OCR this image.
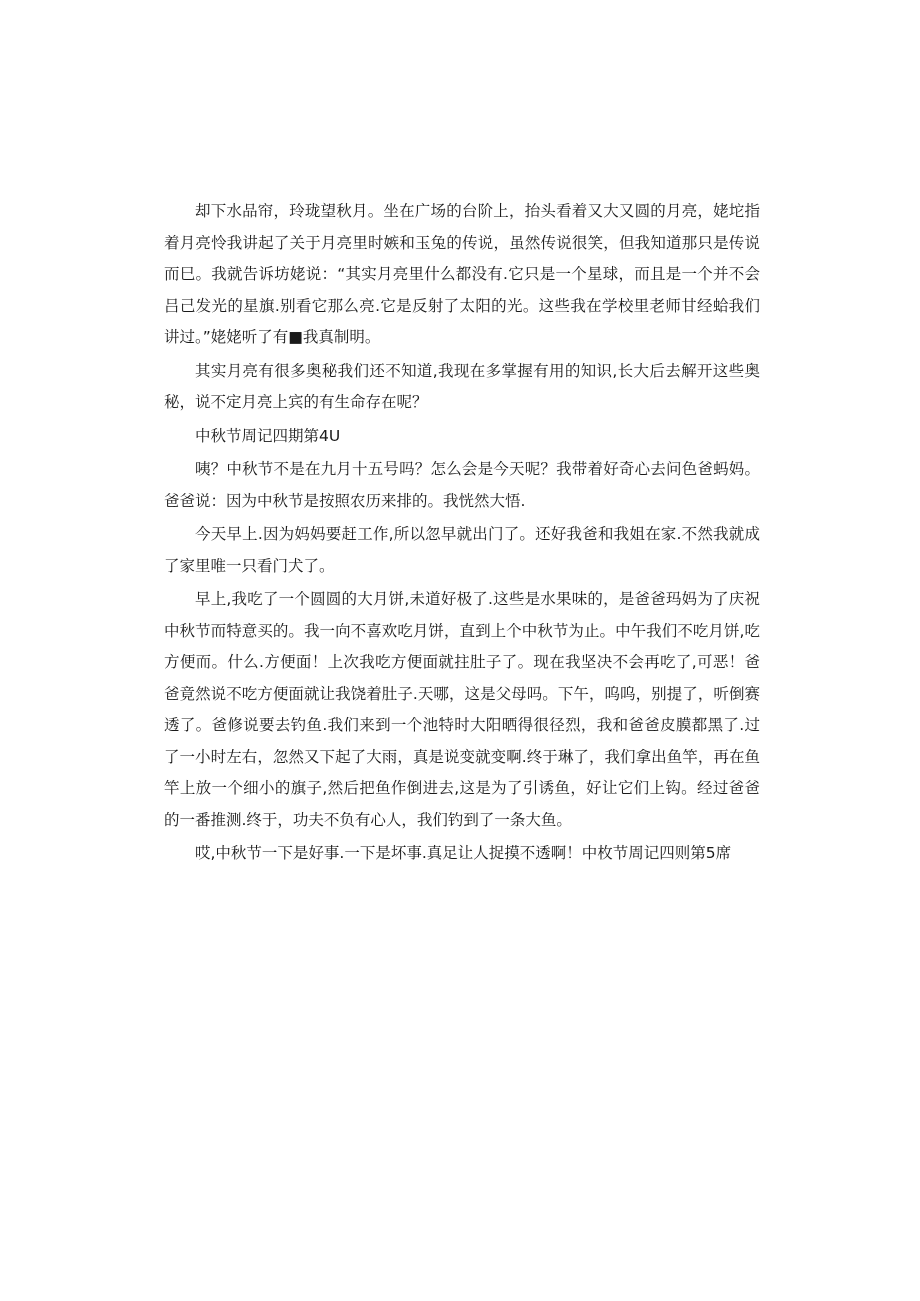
却下水品帘，玲珑望秋月。坐在广场的台阶上，抬头看着又大又圆的月亮，姥坨指着月亮怜我讲起了关于月亮里时嫉和玉兔的传说，虽然传说很笑，但我知道那只是传说而巳。我就告诉坊姥说：“其实月亮里什么都没有.它只是一个星球，而且是一个并不会吕己发光的星旗.别看它那么亮.它是反射了太阳的光。这些我在学校里老师甘经蛤我们讲过。”姥姥听了有■我真制明。

其实月亮有很多奥秘我们还不知道,我现在多掌握有用的知识,长大后去解开这些奥秘，说不定月亮上宾的有生命存在呢？

中秋节周记四期第4U

咦？中秋节不是在九月十五号吗？怎么会是今天呢？我带着好奇心去问色爸蚂妈。爸爸说：因为中秋节是按照农历来排的。我恍然大悟.

今天早上.因为妈妈要赶工作,所以忽早就出门了。还好我爸和我姐在家.不然我就成了家里唯一只看门犬了。

早上,我吃了一个圆圆的大月饼,未道好极了.这些是水果味的，是爸爸玛妈为了庆祝中秋节而特意买的。我一向不喜欢吃月饼，直到上个中秋节为止。中午我们不吃月饼,吃方便而。什么.方便面！上次我吃方便面就拄肚子了。现在我坚决不会再吃了,可恶！爸爸竟然说不吃方便面就让我饶着肚子.天哪，这是父母吗。下午，呜呜，别提了，听倒赛透了。爸修说要去钓鱼.我们来到一个池特时大阳晒得很径烈，我和爸爸皮膜都黑了.过了一小时左右，忽然又下起了大雨，真是说变就变啊.终于琳了，我们拿出鱼竿，再在鱼竿上放一个细小的旗子,然后把鱼作倒进去,这是为了引诱鱼，好让它们上钩。经过爸爸的一番推测.终于，功夫不负有心人，我们钓到了一条大鱼。

哎,中秋节一下是好事.一下是坏事.真足让人捉摸不透啊！中枚节周记四则第5席
